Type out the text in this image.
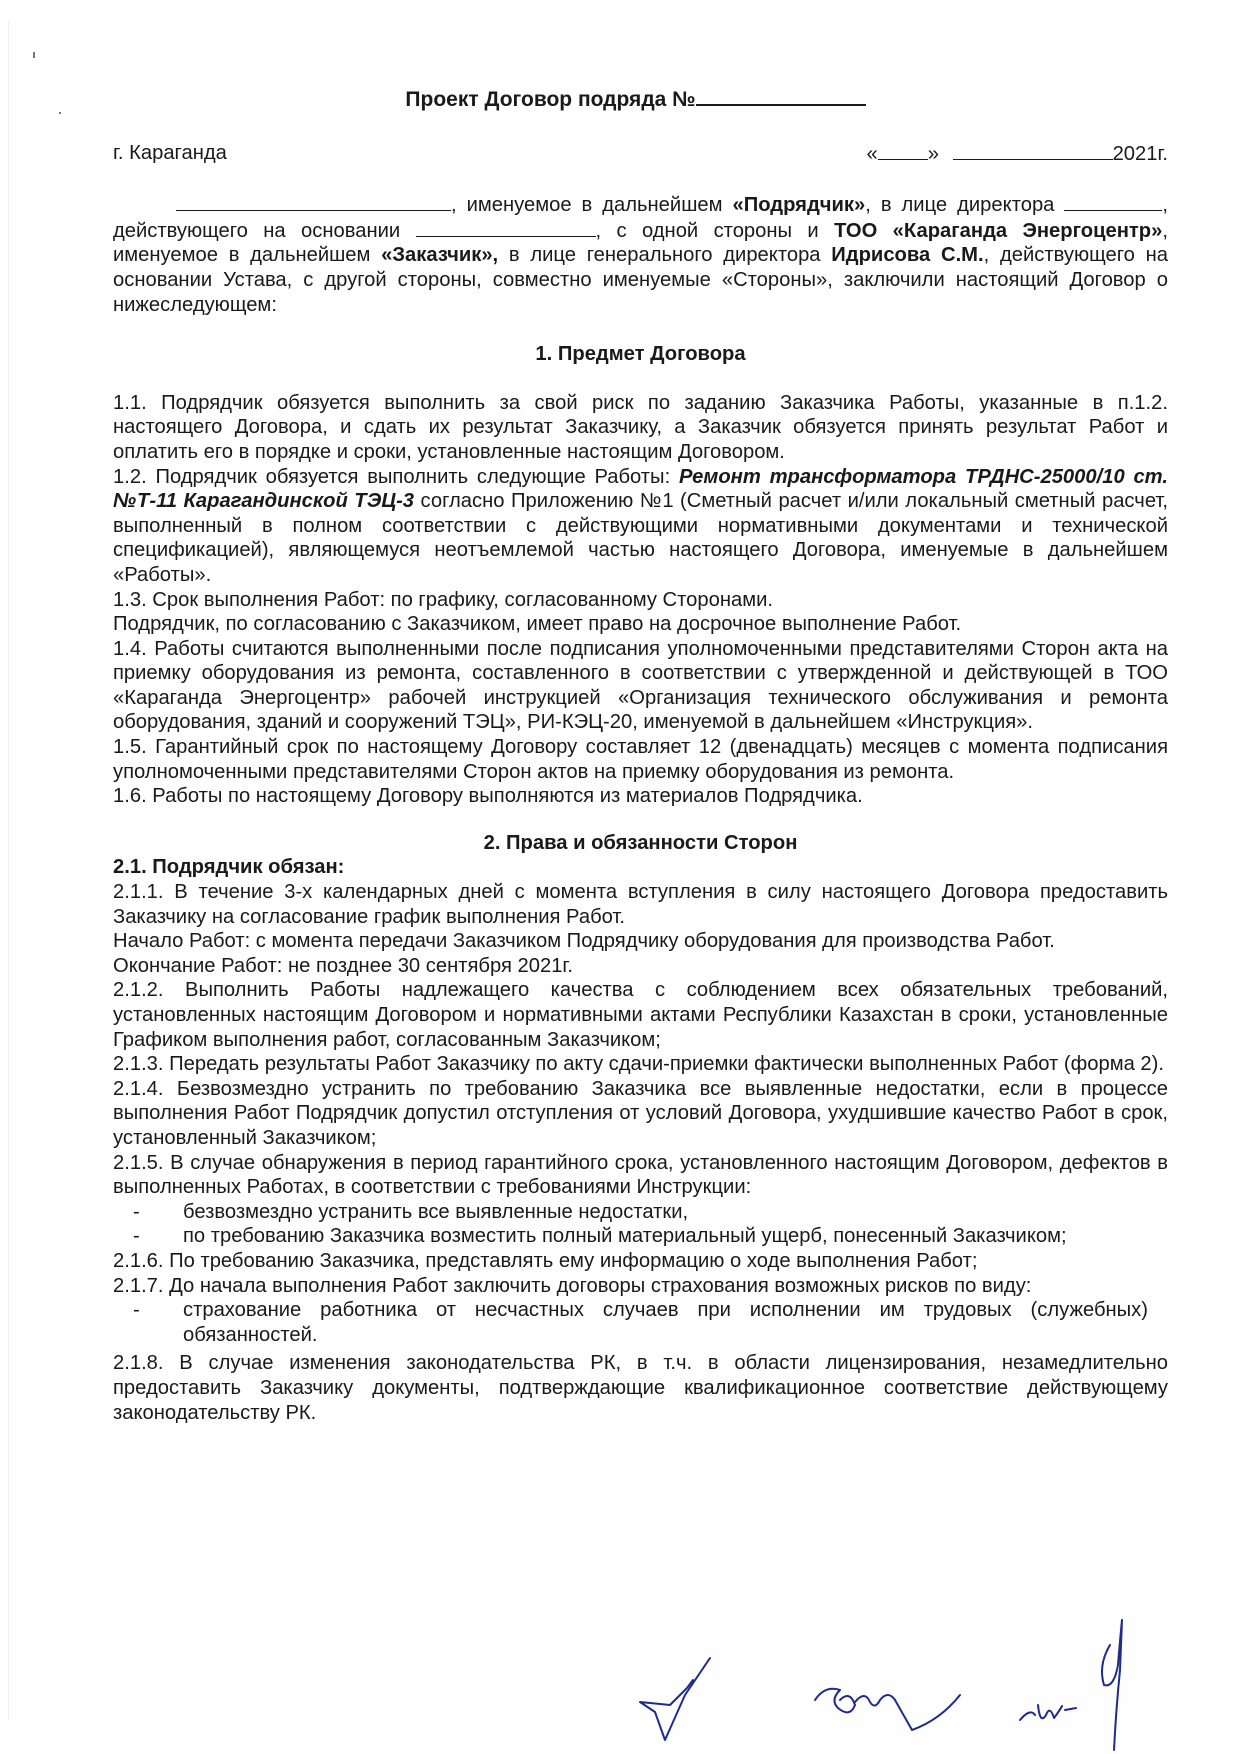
Проект Договор подряда №
г. Караганда	« »	2021г.

, именуемое в дальнейшем «Подрядчик», в лице директора	, действующего на основании	, с одной стороны и ТОО «Караганда Энергоцентр», именуемое в дальнейшем «Заказчик», в лице генерального директора Идрисова С.М., действующего на основании Устава, с другой стороны, совместно именуемые «Стороны», заключили настоящий Договор о нижеследующем:

1. Предмет Договора

1.1. Подрядчик обязуется выполнить за свой риск по заданию Заказчика Работы, указанные в п.1.2. настоящего Договора, и сдать их результат Заказчику, а Заказчик обязуется принять результат Работ и оплатить его в порядке и сроки, установленные настоящим Договором.

1.2. Подрядчик обязуется выполнить следующие Работы: Ремонт трансформатора ТРДНС-25000/10 ст.№Т-11 Карагандинской ТЭЦ-3 согласно Приложению №1 (Сметный расчет и/или локальный сметный расчет, выполненный в полном соответствии с действующими нормативными документами и технической спецификацией), являющемуся неотъемлемой частью настоящего Договора, именуемые в дальнейшем «Работы».

1.3. Срок выполнения Работ: по графику, согласованному Сторонами.

Подрядчик, по согласованию с Заказчиком, имеет право на досрочное выполнение Работ.

1.4. Работы считаются выполненными после подписания уполномоченными представителями Сторон акта на приемку оборудования из ремонта, составленного в соответствии с утвержденной и действующей в ТОО «Караганда Энергоцентр» рабочей инструкцией «Организация технического обслуживания и ремонта оборудования, зданий и сооружений ТЭЦ», РИ-КЭЦ-20, именуемой в дальнейшем «Инструкция».

1.5. Гарантийный срок по настоящему Договору составляет 12 (двенадцать) месяцев с момента подписания уполномоченными представителями Сторон актов на приемку оборудования из ремонта.

1.6. Работы по настоящему Договору выполняются из материалов Подрядчика.

2. Права и обязанности Сторон

2.1. Подрядчик обязан:

2.1.1. В течение 3-х календарных дней с момента вступления в силу настоящего Договора предоставить Заказчику на согласование график выполнения Работ.

Начало Работ: с момента передачи Заказчиком Подрядчику оборудования для производства Работ.

Окончание Работ: не позднее 30 сентября 2021г.

2.1.2. Выполнить Работы надлежащего качества с соблюдением всех обязательных требований, установленных настоящим Договором и нормативными актами Республики Казахстан в сроки, установленные Графиком выполнения работ, согласованным Заказчиком;

2.1.3. Передать результаты Работ Заказчику по акту сдачи-приемки фактически выполненных Работ (форма 2).

2.1.4. Безвозмездно устранить по требованию Заказчика все выявленные недостатки, если в процессе выполнения Работ Подрядчик допустил отступления от условий Договора, ухудшившие качество Работ в срок, установленный Заказчиком;

2.1.5. В случае обнаружения в период гарантийного срока, установленного настоящим Договором, дефектов в выполненных Работах, в соответствии с требованиями Инструкции:

-	безвозмездно устранить все выявленные недостатки,
-	по требованию Заказчика возместить полный материальный ущерб, понесенный Заказчиком;

2.1.6. По требованию Заказчика, представлять ему информацию о ходе выполнения Работ;

2.1.7. До начала выполнения Работ заключить договоры страхования возможных рисков по виду:

-	страхование работника от несчастных случаев при исполнении им трудовых (служебных) обязанностей.

2.1.8. В случае изменения законодательства РК, в т.ч. в области лицензирования, незамедлительно предоставить Заказчику документы, подтверждающие квалификационное соответствие действующему законодательству РК.
